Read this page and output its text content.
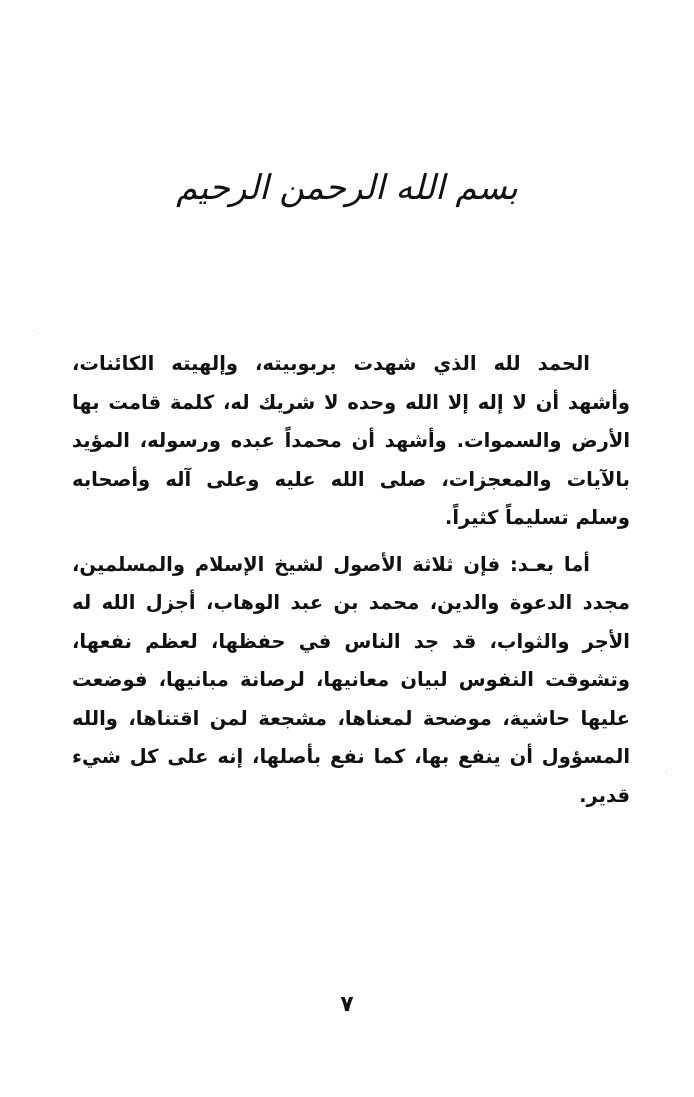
بسم الله الرحمن الرحيم

الحمد لله الذي شهدت بربوبيته، وإلهيته الكائنات، وأشهد أن لا إله إلا الله وحده لا شريك له، كلمة قامت بها الأرض والسموات. وأشهد أن محمداً عبده ورسوله، المؤيد بالآيات والمعجزات، صلى الله عليه وعلى آله وأصحابه وسلم تسليماً كثيراً.

أما بعـد: فإن ثلاثة الأصول لشيخ الإسلام والمسلمين، مجدد الدعوة والدين، محمد بن عبد الوهاب، أجزل الله له الأجر والثواب، قد جد الناس في حفظها، لعظم نفعها، وتشوقت النفوس لبيان معانيها، لرصانة مبانيها، فوضعت عليها حاشية، موضحة لمعناها، مشجعة لمن اقتناها، والله المسؤول أن ينفع بها، كما نفع بأصلها، إنه على كل شيء قدير.

٧
